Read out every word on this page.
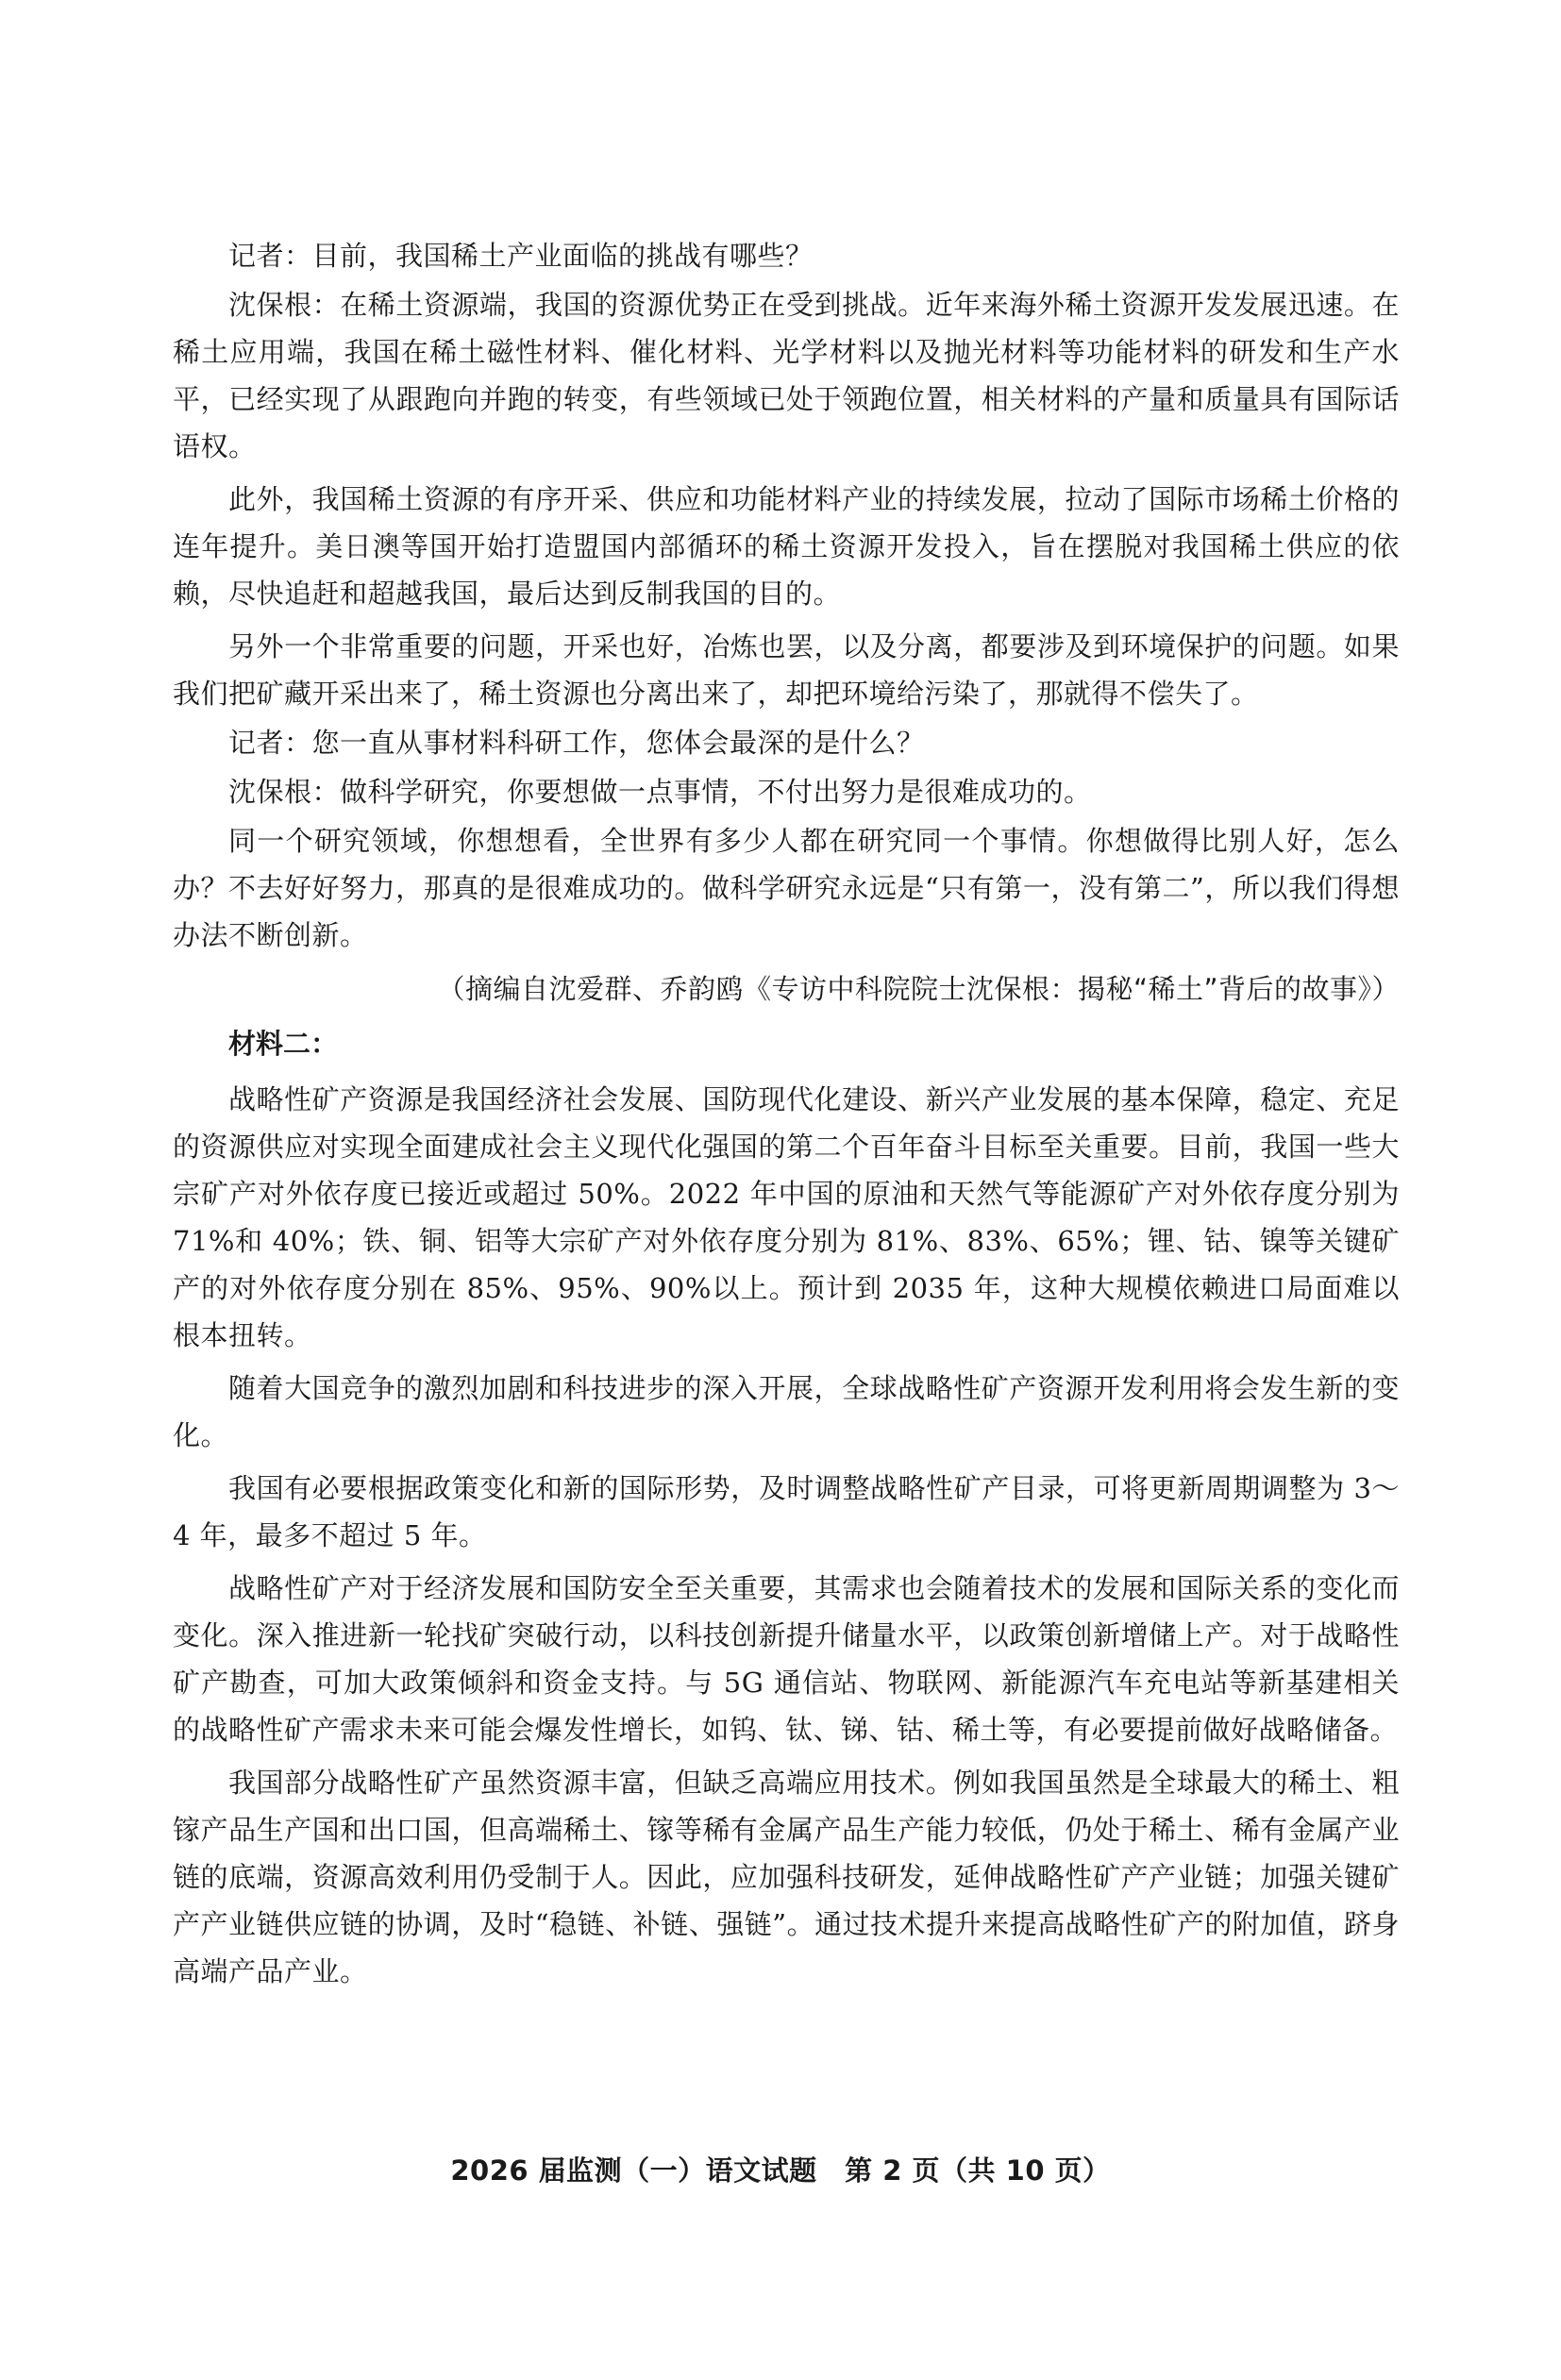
记者：目前，我国稀土产业面临的挑战有哪些？

沈保根：在稀土资源端，我国的资源优势正在受到挑战。近年来海外稀土资源开发发展迅速。在稀土应用端，我国在稀土磁性材料、催化材料、光学材料以及抛光材料等功能材料的研发和生产水平，已经实现了从跟跑向并跑的转变，有些领域已处于领跑位置，相关材料的产量和质量具有国际话语权。

此外，我国稀土资源的有序开采、供应和功能材料产业的持续发展，拉动了国际市场稀土价格的连年提升。美日澳等国开始打造盟国内部循环的稀土资源开发投入，旨在摆脱对我国稀土供应的依赖，尽快追赶和超越我国，最后达到反制我国的目的。

另外一个非常重要的问题，开采也好，冶炼也罢，以及分离，都要涉及到环境保护的问题。如果我们把矿藏开采出来了，稀土资源也分离出来了，却把环境给污染了，那就得不偿失了。

记者：您一直从事材料科研工作，您体会最深的是什么？

沈保根：做科学研究，你要想做一点事情，不付出努力是很难成功的。

同一个研究领域，你想想看，全世界有多少人都在研究同一个事情。你想做得比别人好，怎么办？不去好好努力，那真的是很难成功的。做科学研究永远是“只有第一，没有第二”，所以我们得想办法不断创新。

（摘编自沈爱群、乔韵鸥《专访中科院院士沈保根：揭秘“稀土”背后的故事》）
材料二：

战略性矿产资源是我国经济社会发展、国防现代化建设、新兴产业发展的基本保障，稳定、充足的资源供应对实现全面建成社会主义现代化强国的第二个百年奋斗目标至关重要。目前，我国一些大宗矿产对外依存度已接近或超过 50%。2022 年中国的原油和天然气等能源矿产对外依存度分别为 71%和 40%；铁、铜、铝等大宗矿产对外依存度分别为 81%、83%、65%；锂、钴、镍等关键矿产的对外依存度分别在 85%、95%、90%以上。预计到 2035 年，这种大规模依赖进口局面难以根本扭转。

随着大国竞争的激烈加剧和科技进步的深入开展，全球战略性矿产资源开发利用将会发生新的变化。

我国有必要根据政策变化和新的国际形势，及时调整战略性矿产目录，可将更新周期调整为 3～4 年，最多不超过 5 年。

战略性矿产对于经济发展和国防安全至关重要，其需求也会随着技术的发展和国际关系的变化而变化。深入推进新一轮找矿突破行动，以科技创新提升储量水平，以政策创新增储上产。对于战略性矿产勘查，可加大政策倾斜和资金支持。与 5G 通信站、物联网、新能源汽车充电站等新基建相关的战略性矿产需求未来可能会爆发性增长，如钨、钛、锑、钴、稀土等，有必要提前做好战略储备。

我国部分战略性矿产虽然资源丰富，但缺乏高端应用技术。例如我国虽然是全球最大的稀土、粗镓产品生产国和出口国，但高端稀土、镓等稀有金属产品生产能力较低，仍处于稀土、稀有金属产业链的底端，资源高效利用仍受制于人。因此，应加强科技研发，延伸战略性矿产产业链；加强关键矿产产业链供应链的协调，及时“稳链、补链、强链”。通过技术提升来提高战略性矿产的附加值，跻身高端产品产业。

2026 届监测（一）语文试题　第 2 页（共 10 页）
